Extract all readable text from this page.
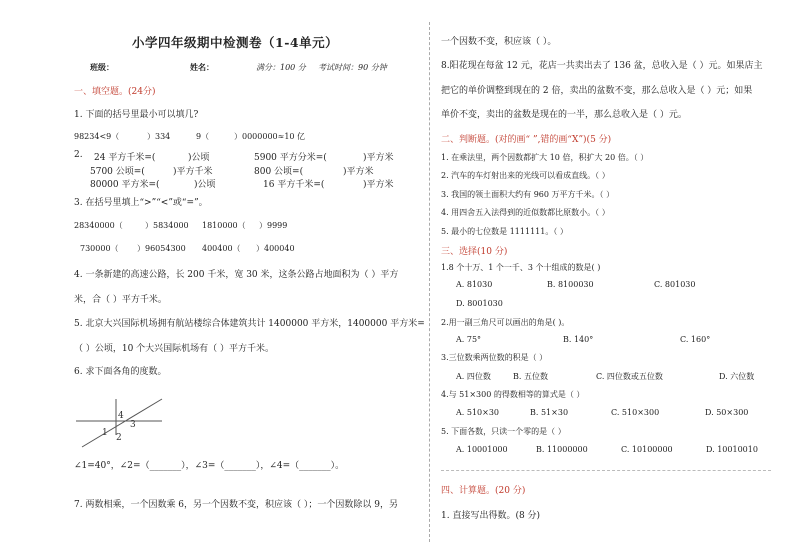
小学四年级期中检测卷（1-4单元）
班级：	姓名：	满分：100 分 考试时间：90 分钟
一、填空题。(24分)
1. 下面的括号里最小可以填几?
98234<9（	）334	9（	）0000000≈10 亿
2. 24 平方千米=(	)公顷	5900 平方分米=(	)平方米
5700 公顷=(	)平方千米	800 公顷=(	)平方米
80000 平方米=(	)公顷	16 平方千米=(	)平方米
3. 在括号里填上“>”“<”或“=”。
28340000（	）5834000 1810000（ ）9999
730000（ ）96054300 400400（ ）400040
4. 一条新建的高速公路，长 200 千米，宽 30 米，这条公路占地面积为（ ）平方
米，合（ ）平方千米。
5. 北京大兴国际机场拥有航站楼综合体建筑共计 1400000 平方米，1400000 平方米=
（ ）公顷，10 个大兴国际机场有（ ）平方千米。
6. 求下面各角的度数。
4
3
1 2
∠1=40°，∠2=（_______），∠3=（_______），∠4=（_______）。
7. 两数相乘，一个因数乘 6，另一个因数不变，积应该（ ）；一个因数除以 9，另
一个因数不变，积应该（ ）。
8.阳花现在每盆 12 元，花店一共卖出去了 136 盆，总收入是（ ）元。如果店主
把它的单价调整到现在的 2 倍，卖出的盆数不变，那么总收入是（ ）元；如果
单价不变，卖出的盆数是现在的一半，那么总收入是（ ）元。
二、判断题。(对的画“ ”,错的画“X”)(5 分)
1. 在乘法里，两个因数都扩大 10 倍，积扩大 20 倍。（ ）
2. 汽车的车灯射出来的光线可以看成直线。（ ）
3. 我国的领土面积大约有 960 万平方千米。（ ）
4. 用四舍五入法得到的近似数都比原数小。（ ）
5. 最小的七位数是 1111111。（ ）
三、选择(10 分)
1.8 个十万、1 个一千、3 个十组成的数是( )
A. 81030	B. 8100030	C. 801030
D. 8001030
2.用一副三角尺可以画出的角是( )。
A. 75°	B. 140°	C. 160°
3.三位数乘两位数的积是（ ）
A. 四位数	B. 五位数	C. 四位数或五位数	D. 六位数
4.与 51×300 的得数相等的算式是（ ）
A. 510×30	B. 51×30	C. 510×300	D. 50×300
5. 下面各数，只读一个零的是（ ）
A. 10001000	B. 11000000	C. 10100000	D. 10010010
四、计算题。(20 分)
1. 直接写出得数。(8 分)
